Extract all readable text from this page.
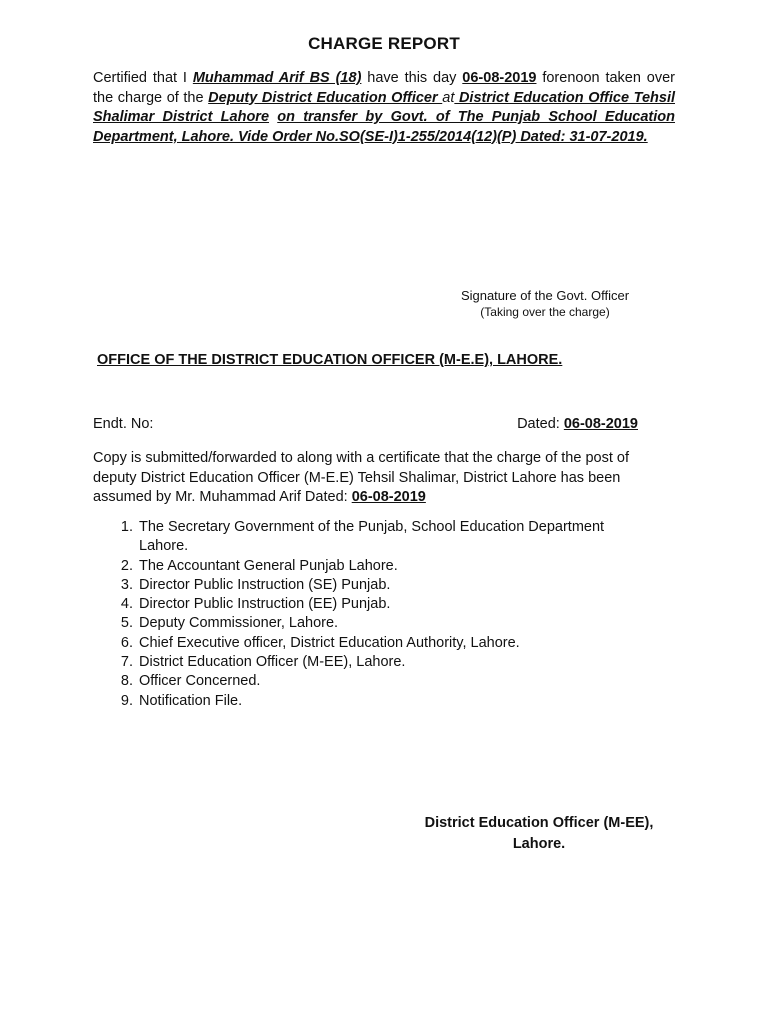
CHARGE REPORT
Certified that I Muhammad Arif BS (18) have this day 06-08-2019 forenoon taken over the charge of the Deputy District Education Officer at District Education Office Tehsil Shalimar District Lahore on transfer by Govt. of The Punjab School Education Department, Lahore. Vide Order No.SO(SE-I)1-255/2014(12)(P) Dated: 31-07-2019.
Signature of the Govt. Officer
(Taking over the charge)
OFFICE OF THE DISTRICT EDUCATION OFFICER (M-E.E), LAHORE.
Endt. No:	Dated: 06-08-2019
Copy is submitted/forwarded to along with a certificate that the charge of the post of deputy District Education Officer (M-E.E) Tehsil Shalimar, District Lahore has been assumed by Mr. Muhammad Arif Dated: 06-08-2019
1. The Secretary Government of the Punjab, School Education Department Lahore.
2. The Accountant General Punjab Lahore.
3. Director Public Instruction (SE) Punjab.
4. Director Public Instruction (EE) Punjab.
5. Deputy Commissioner, Lahore.
6. Chief Executive officer, District Education Authority, Lahore.
7. District Education Officer (M-EE), Lahore.
8. Officer Concerned.
9. Notification File.
District Education Officer (M-EE),
Lahore.
